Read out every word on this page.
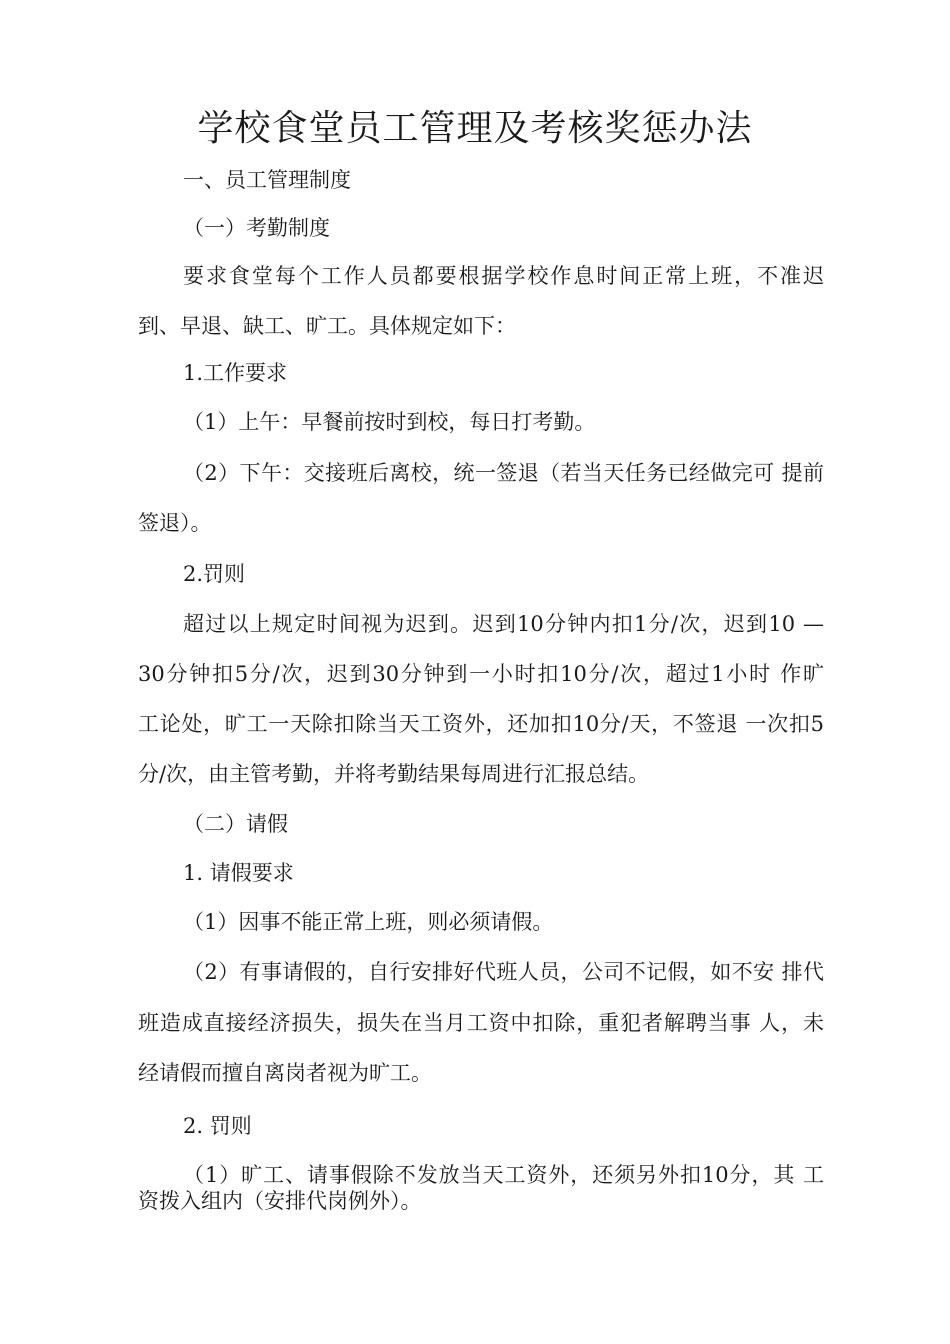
学校食堂员工管理及考核奖惩办法
一、员工管理制度
（一）考勤制度
要求食堂每个工作人员都要根据学校作息时间正常上班，不准迟
到、早退、缺工、旷工。具体规定如下：
1.工作要求
（1）上午：早餐前按时到校，每日打考勤。
（2）下午：交接班后离校，统一签退（若当天任务已经做完可 提前
签退）。
2.罚则
超过以上规定时间视为迟到。迟到10分钟内扣1分/次，迟到10 —
30分钟扣5分/次，迟到30分钟到一小时扣10分/次，超过1小时 作旷
工论处，旷工一天除扣除当天工资外，还加扣10分/天，不签退 一次扣5
分/次，由主管考勤，并将考勤结果每周进行汇报总结。
（二）请假
1. 请假要求
（1）因事不能正常上班，则必须请假。
（2）有事请假的，自行安排好代班人员，公司不记假，如不安 排代
班造成直接经济损失，损失在当月工资中扣除，重犯者解聘当事 人，未
经请假而擅自离岗者视为旷工。
2. 罚则
（1）旷工、请事假除不发放当天工资外，还须另外扣10分，其 工
资拨入组内（安排代岗例外）。
